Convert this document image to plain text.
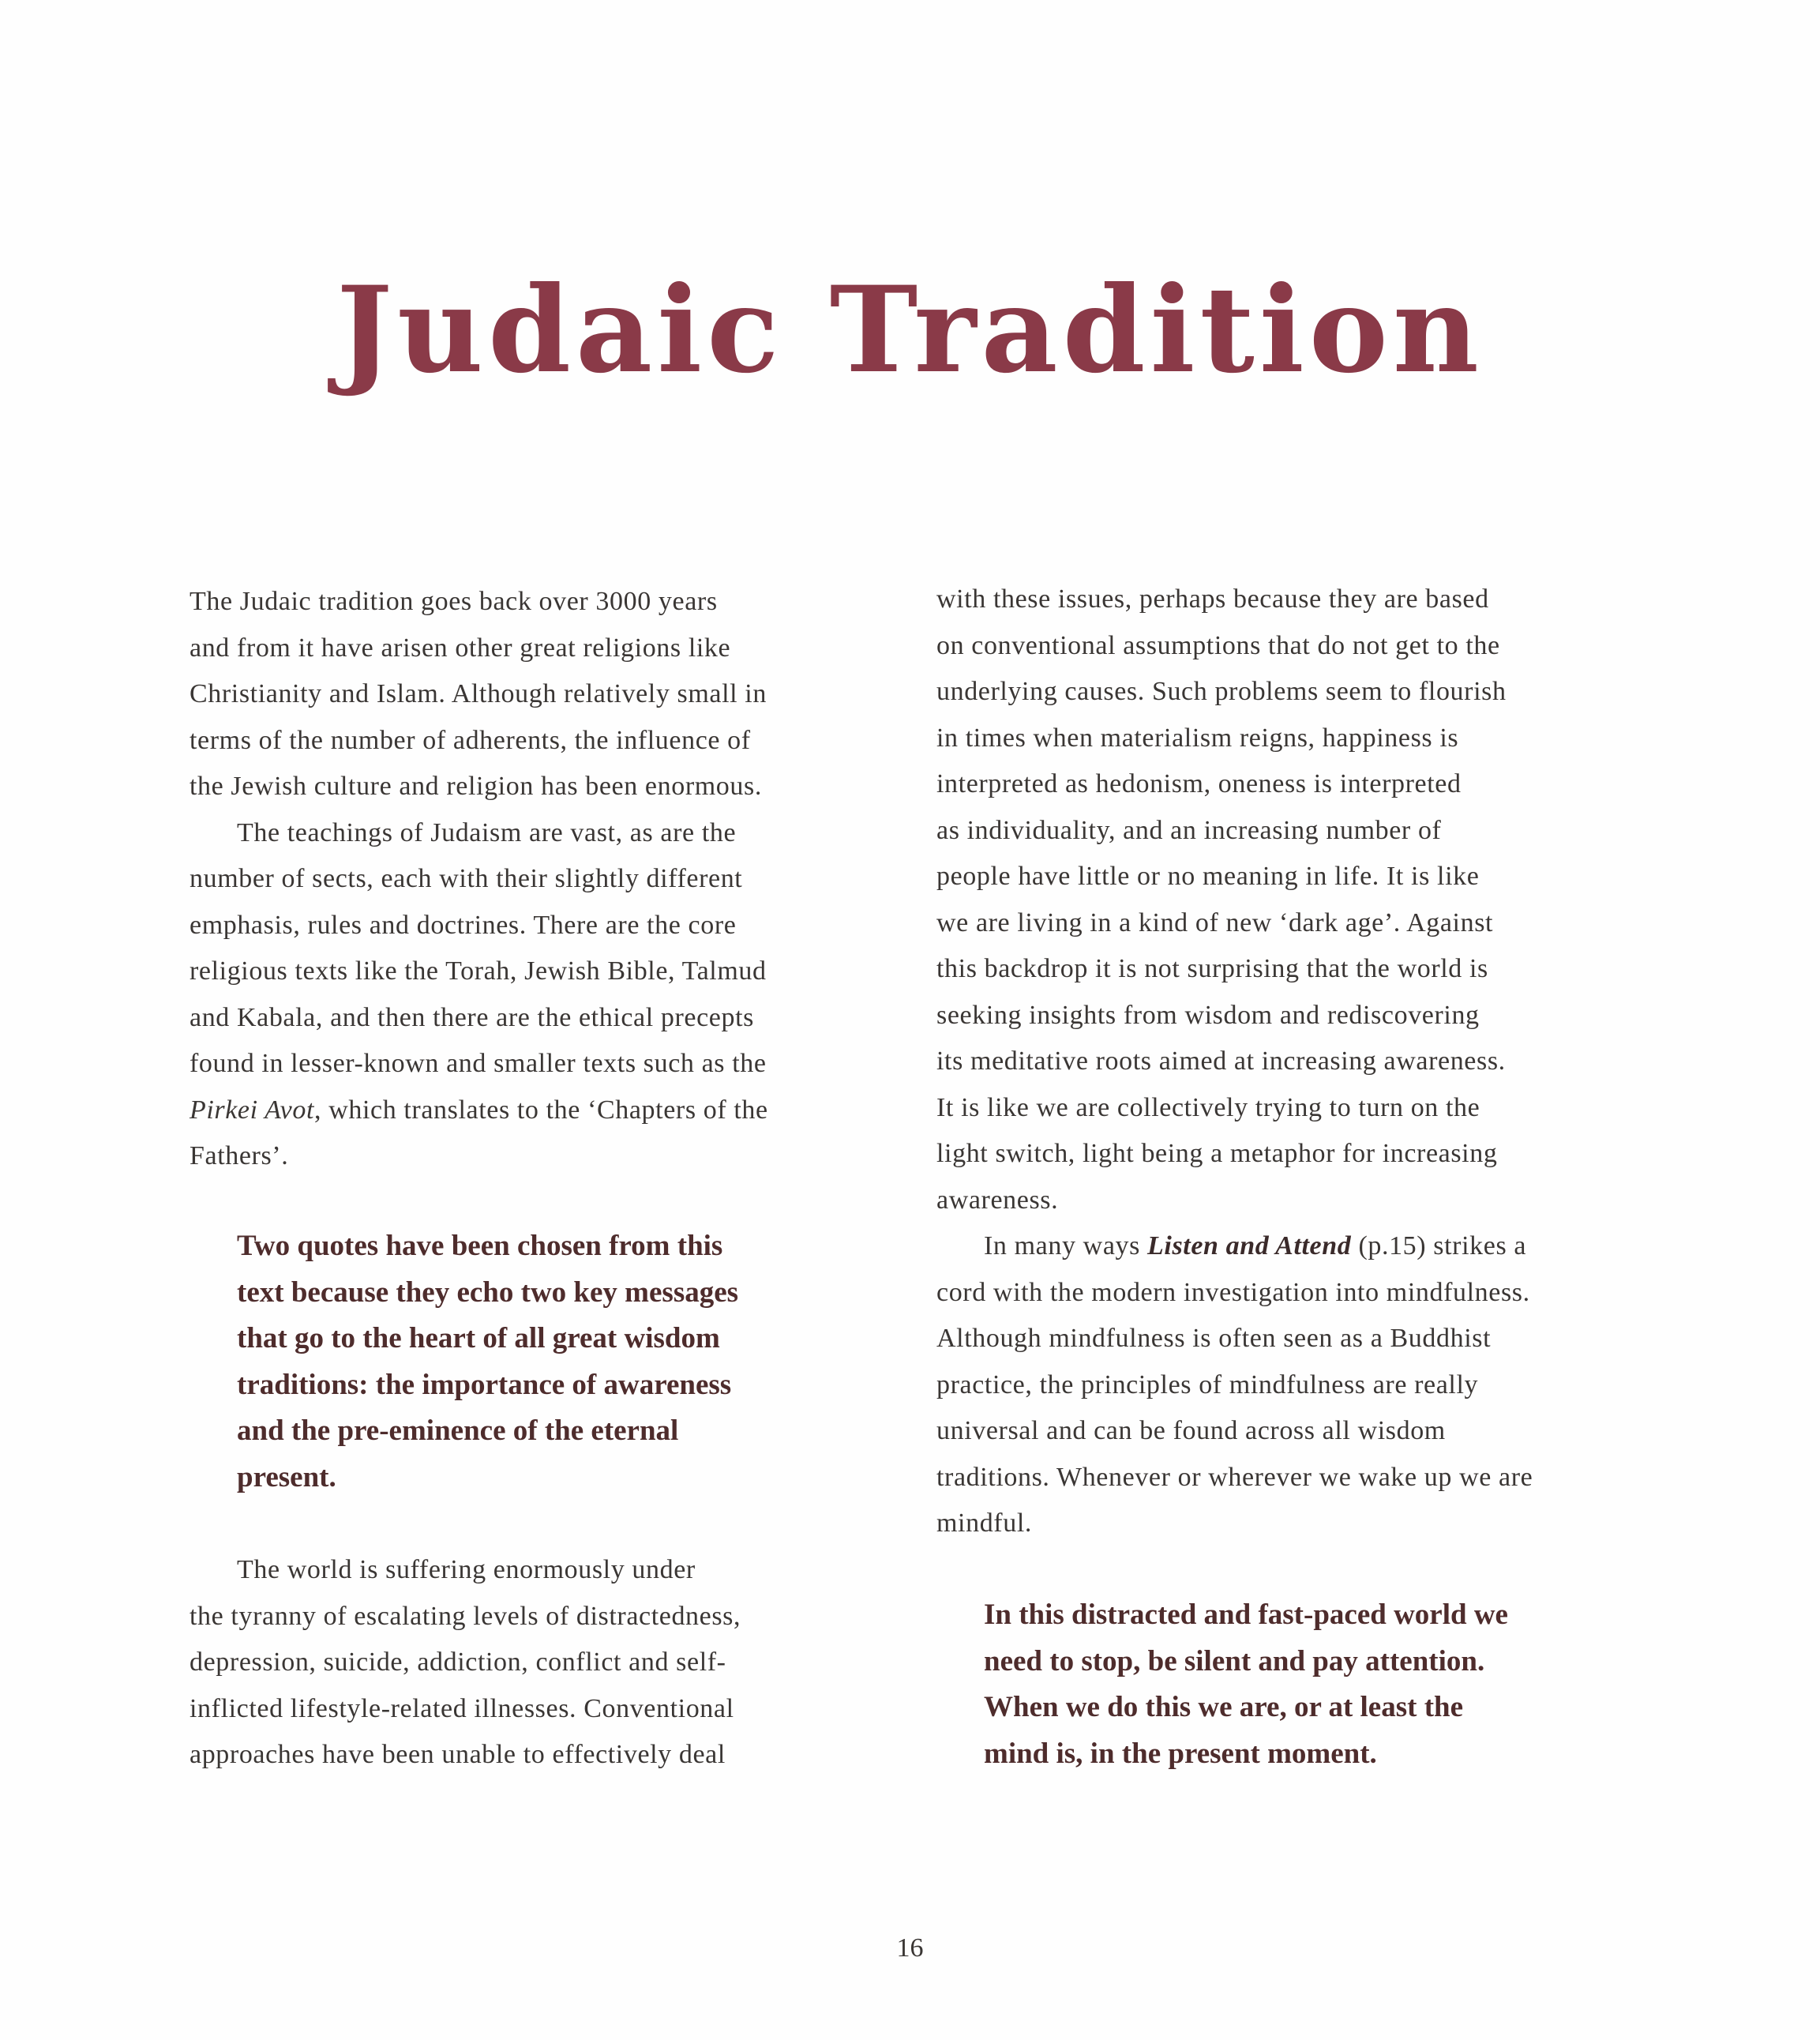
Judaic Tradition
The Judaic tradition goes back over 3000 years
and from it have arisen other great religions like
Christianity and Islam. Although relatively small in
terms of the number of adherents, the influence of
the Jewish culture and religion has been enormous.
The teachings of Judaism are vast, as are the
number of sects, each with their slightly different
emphasis, rules and doctrines. There are the core
religious texts like the Torah, Jewish Bible, Talmud
and Kabala, and then there are the ethical precepts
found in lesser-known and smaller texts such as the
Pirkei Avot, which translates to the ‘Chapters of the
Fathers’.
Two quotes have been chosen from this
text because they echo two key messages
that go to the heart of all great wisdom
traditions: the importance of awareness
and the pre-eminence of the eternal
present.
The world is suffering enormously under
the tyranny of escalating levels of distractedness,
depression, suicide, addiction, conflict and self-
inflicted lifestyle-related illnesses. Conventional
approaches have been unable to effectively deal
with these issues, perhaps because they are based
on conventional assumptions that do not get to the
underlying causes. Such problems seem to flourish
in times when materialism reigns, happiness is
interpreted as hedonism, oneness is interpreted
as individuality, and an increasing number of
people have little or no meaning in life. It is like
we are living in a kind of new ‘dark age’. Against
this backdrop it is not surprising that the world is
seeking insights from wisdom and rediscovering
its meditative roots aimed at increasing awareness.
It is like we are collectively trying to turn on the
light switch, light being a metaphor for increasing
awareness.
In many ways Listen and Attend (p.15) strikes a
cord with the modern investigation into mindfulness.
Although mindfulness is often seen as a Buddhist
practice, the principles of mindfulness are really
universal and can be found across all wisdom
traditions. Whenever or wherever we wake up we are
mindful.
In this distracted and fast-paced world we
need to stop, be silent and pay attention.
When we do this we are, or at least the
mind is, in the present moment.
16
